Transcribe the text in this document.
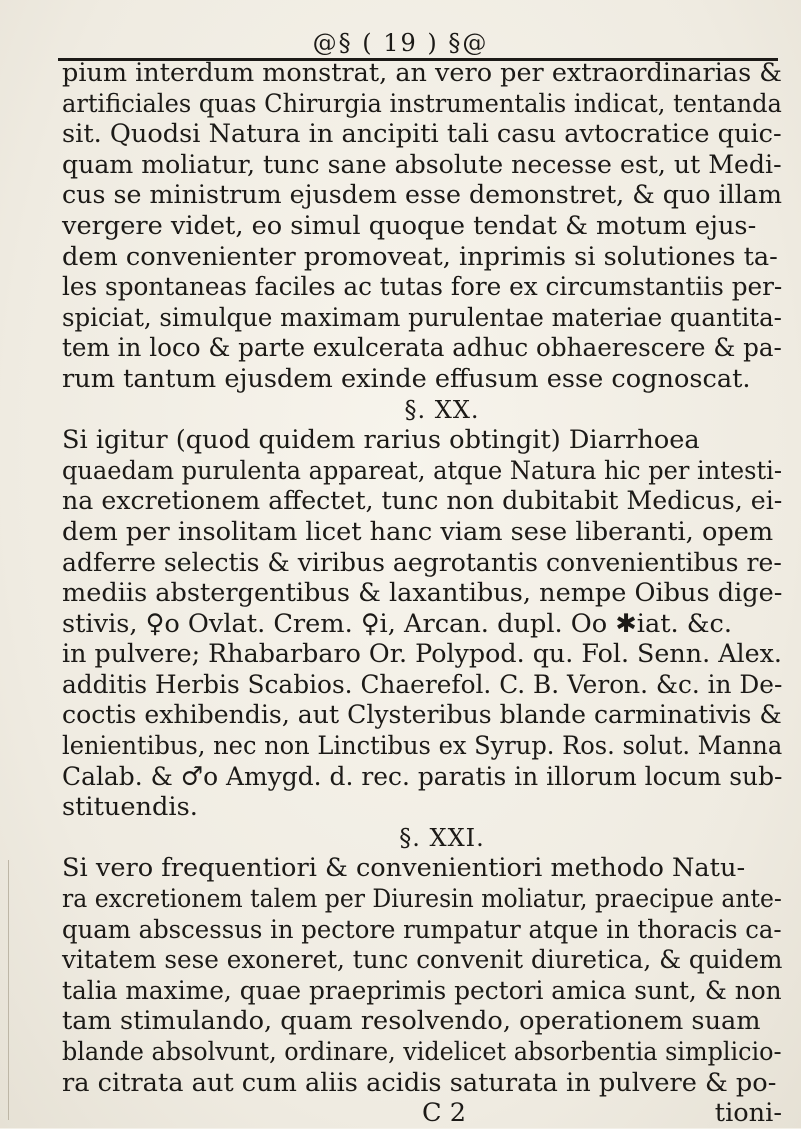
@§ ( 19 ) §@
pium interdum monstrat, an vero per extraordinarias &
artificiales quas Chirurgia instrumentalis indicat, tentanda
sit. Quodsi Natura in ancipiti tali casu avtocratice quic-
quam moliatur, tunc sane absolute necesse est, ut Medi-
cus se ministrum ejusdem esse demonstret, & quo illam
vergere videt, eo simul quoque tendat & motum ejus-
dem convenienter promoveat, inprimis si solutiones ta-
les spontaneas faciles ac tutas fore ex circumstantiis per-
spiciat, simulque maximam purulentae materiae quantita-
tem in loco & parte exulcerata adhuc obhaerescere & pa-
rum tantum ejusdem exinde effusum esse cognoscat.
§. XX.
Si igitur (quod quidem rarius obtingit) Diarrhoea
quaedam purulenta appareat, atque Natura hic per intesti-
na excretionem affectet, tunc non dubitabit Medicus, ei-
dem per insolitam licet hanc viam sese liberanti, opem
adferre selectis & viribus aegrotantis convenientibus re-
mediis abstergentibus & laxantibus, nempe Oibus dige-
stivis, ♀o Ovlat. Crem. ♀i, Arcan. dupl. Oo ✱iat. &c.
in pulvere; Rhabarbaro Or. Polypod. qu. Fol. Senn. Alex.
additis Herbis Scabios. Chaerefol. C. B. Veron. &c. in De-
coctis exhibendis, aut Clysteribus blande carminativis &
lenientibus, nec non Linctibus ex Syrup. Ros. solut. Manna
Calab. & ♂o Amygd. d. rec. paratis in illorum locum sub-
stituendis.
§. XXI.
Si vero frequentiori & convenientiori methodo Natu-
ra excretionem talem per Diuresin moliatur, praecipue ante-
quam abscessus in pectore rumpatur atque in thoracis ca-
vitatem sese exoneret, tunc convenit diuretica, & quidem
talia maxime, quae praeprimis pectori amica sunt, & non
tam stimulando, quam resolvendo, operationem suam
blande absolvunt, ordinare, videlicet absorbentia simplicio-
ra citrata aut cum aliis acidis saturata in pulvere & po-
C 2	tioni-
